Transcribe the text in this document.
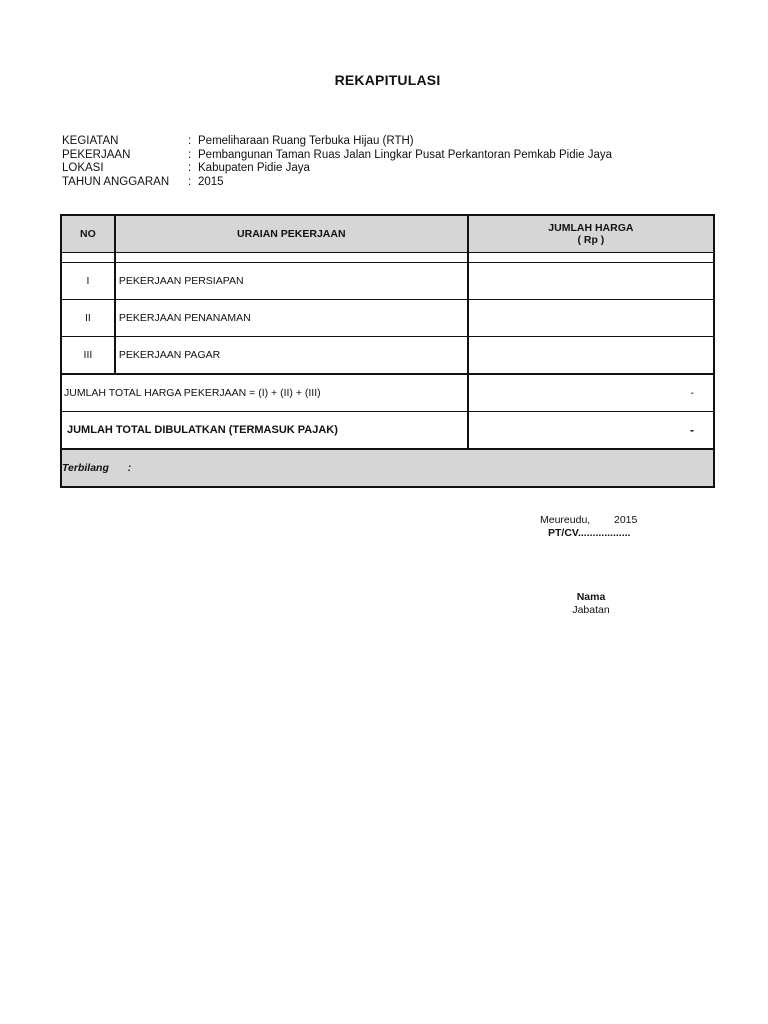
REKAPITULASI
KEGIATAN	: Pemeliharaan Ruang Terbuka Hijau (RTH)
PEKERJAAN	: Pembangunan Taman Ruas Jalan Lingkar Pusat Perkantoran Pemkab Pidie Jaya
LOKASI	: Kabupaten Pidie Jaya
TAHUN ANGGARAN	: 2015
NO	URAIAN PEKERJAAN	JUMLAH HARGA
( Rp )

I	PEKERJAAN PERSIAPAN	
II	PEKERJAAN PENANAMAN	
III	PEKERJAAN PAGAR	
JUMLAH TOTAL HARGA PEKERJAAN = (I) + (II) + (III)		-
JUMLAH TOTAL DIBULATKAN (TERMASUK PAJAK)		-
Terbilang :		
Meureudu,	2015
PT/CV..................
Nama
Jabatan
